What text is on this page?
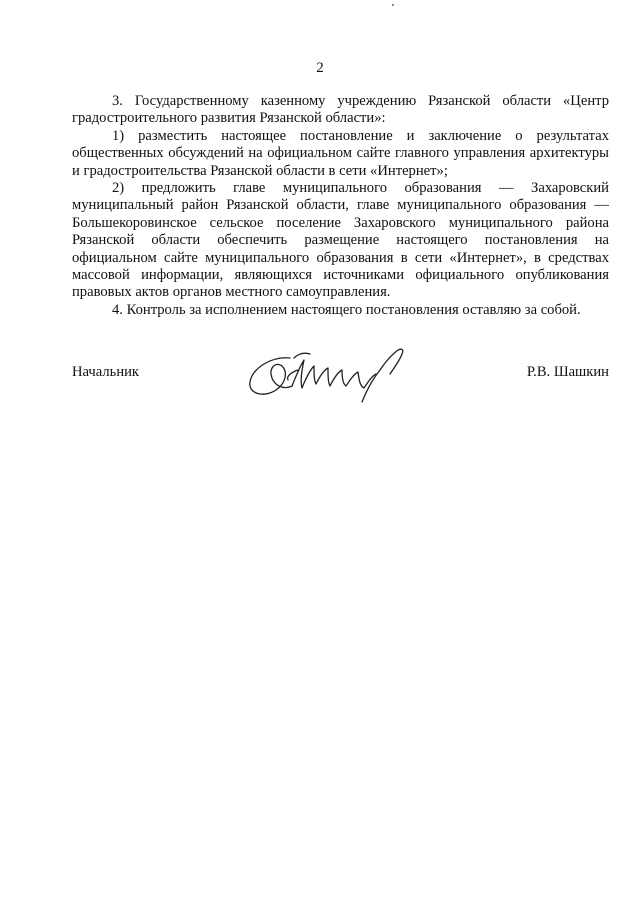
2

3. Государственному казенному учреждению Рязанской области «Центр градостроительного развития Рязанской области»:

1) разместить настоящее постановление и заключение о результатах общественных обсуждений на официальном сайте главного управления архитектуры и градостроительства Рязанской области в сети «Интернет»;

2) предложить главе муниципального образования — Захаровский муниципальный район Рязанской области, главе муниципального образования — Большекоровинское сельское поселение Захаровского муниципального района Рязанской области обеспечить размещение настоящего постановления на официальном сайте муниципального образования в сети «Интернет», в средствах массовой информации, являющихся источниками официального опубликования правовых актов органов местного самоуправления.

4. Контроль за исполнением настоящего постановления оставляю за собой.

Начальник	Р.В. Шашкин
